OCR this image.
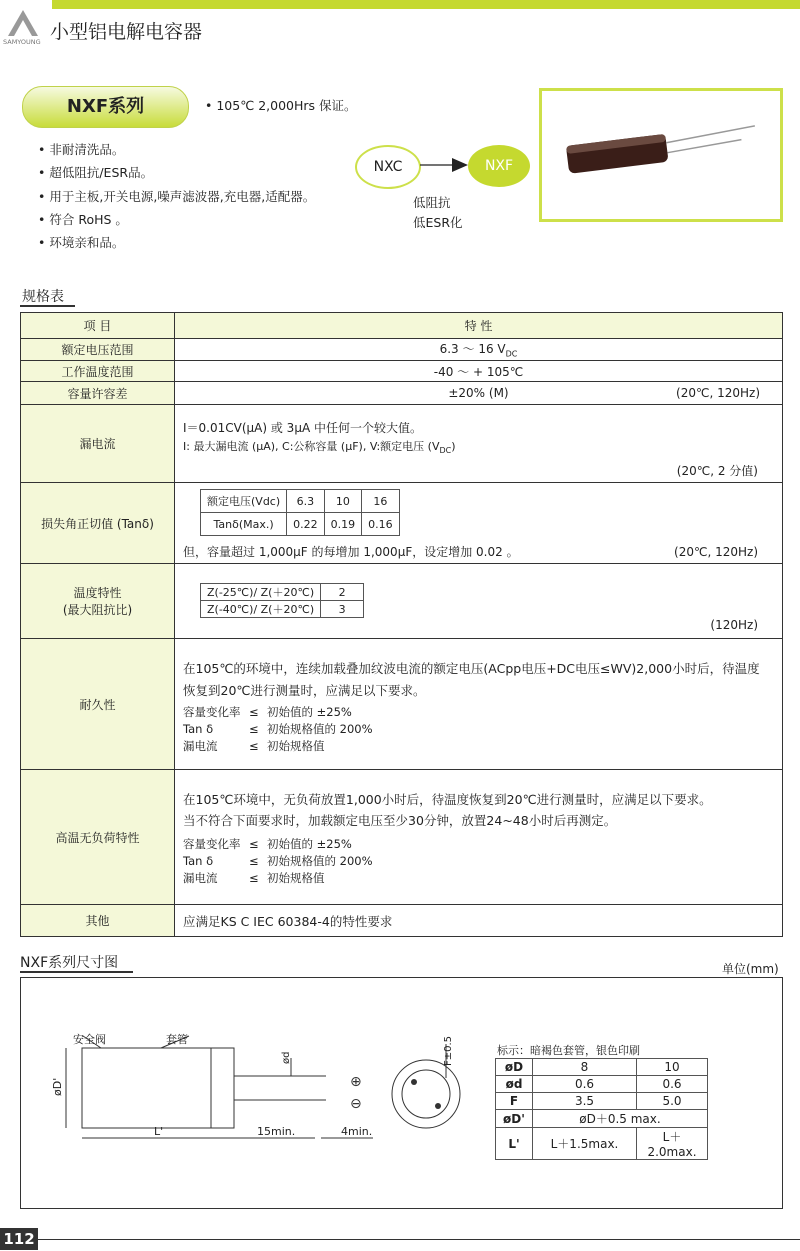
SAMYOUNG 小型铝电解电容器
NXF系列	• 105℃ 2,000Hrs 保证。
• 非耐清洗品。
• 超低阻抗/ESR品。
• 用于主板,开关电源,噪声滤波器,充电器,适配器。
• 符合 RoHS 。
• 环境亲和品。
NXC	NXF
低阻抗
低ESR化
规格表
项 目	特 性
额定电压范围	6.3 ～ 16 $V_{DC}$
工作温度范围	-40 ～ + 105℃
容量许容差	±20% (M)	(20℃, 120Hz)

漏电流	
I＝0.01CV(μA) 或 3μA 中任何一个较大值。
I: 最大漏电流 (μA), C:公称容量 (μF), V:额定电压 $(V_{DC})$
(20℃, 2 分值)

损失角正切值 (Tanδ)	
额定电压(Vdc)	6.3	10	16
Tanδ(Max.)	0.22	0.19	0.16
但，容量超过 1,000μF 的每增加 1,000μF，设定增加 0.02 。	(20℃, 120Hz)

温度特性
(最大阻抗比)

Z(-25℃)/ Z(＋20℃)	2
Z(-40℃)/ Z(＋20℃)	3
(120Hz)

耐久性	
在105℃的环境中，连续加载叠加纹波电流的额定电压(ACpp电压+DC电压≤WV)2,000小时后，待温度
恢复到20℃进行测量时，应满足以下要求。
容量变化率 ≤ 初始值的 ±25%
Tan δ	≤ 初始规格值的 200%
漏电流	≤ 初始规格值

高温无负荷特性	
在105℃环境中，无负荷放置1,000小时后，待温度恢复到20℃进行测量时，应满足以下要求。
当不符合下面要求时，加载额定电压至少30分钟，放置24~48小时后再测定。
容量变化率 ≤ 初始值的 ±25%
Tan δ	≤ 初始规格值的 200%
漏电流	≤ 初始规格值

其他	应满足KS C IEC 60384-4的特性要求
NXF系列尺寸图	单位(mm)
⊕
⊖
安全阀	套管
øD'
L'	15min.	4min.
ød	F±0.5	标示：暗褐色套管，银色印刷
øD	8	10
ød	0.6	0.6
F	3.5	5.0
øD'	øD＋0.5 max.	
L'	L＋1.5max.	L＋2.0max.
112
